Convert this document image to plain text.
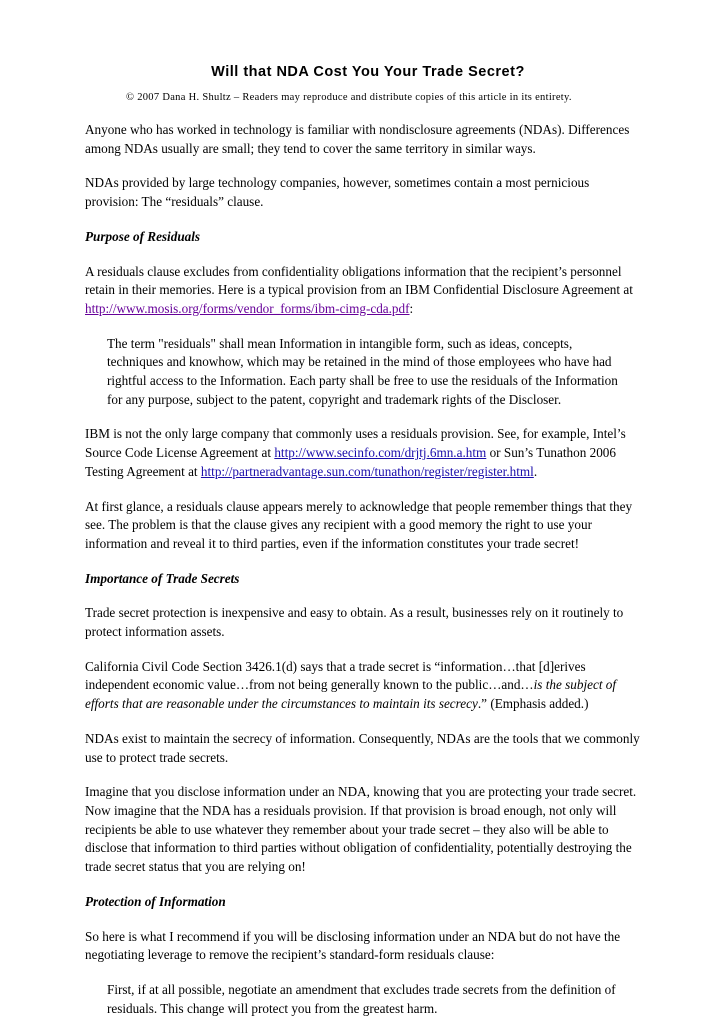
Will that NDA Cost You Your Trade Secret?
© 2007 Dana H. Shultz – Readers may reproduce and distribute copies of this article in its entirety.

Anyone who has worked in technology is familiar with nondisclosure agreements (NDAs). Differences
among NDAs usually are small; they tend to cover the same territory in similar ways.

NDAs provided by large technology companies, however, sometimes contain a most pernicious
provision: The “residuals” clause.

Purpose of Residuals

A residuals clause excludes from confidentiality obligations information that the recipient’s personnel
retain in their memories. Here is a typical provision from an IBM Confidential Disclosure Agreement at
http://www.mosis.org/forms/vendor_forms/ibm-cimg-cda.pdf:

The term "residuals" shall mean Information in intangible form, such as ideas, concepts,
techniques and knowhow, which may be retained in the mind of those employees who have had
rightful access to the Information. Each party shall be free to use the residuals of the Information
for any purpose, subject to the patent, copyright and trademark rights of the Discloser.

IBM is not the only large company that commonly uses a residuals provision. See, for example, Intel’s
Source Code License Agreement at http://www.secinfo.com/drjtj.6mn.a.htm or Sun’s Tunathon 2006
Testing Agreement at http://partneradvantage.sun.com/tunathon/register/register.html.

At first glance, a residuals clause appears merely to acknowledge that people remember things that they
see. The problem is that the clause gives any recipient with a good memory the right to use your
information and reveal it to third parties, even if the information constitutes your trade secret!

Importance of Trade Secrets

Trade secret protection is inexpensive and easy to obtain. As a result, businesses rely on it routinely to
protect information assets.

California Civil Code Section 3426.1(d) says that a trade secret is “information…that [d]erives
independent economic value…from not being generally known to the public…and…is the subject of
efforts that are reasonable under the circumstances to maintain its secrecy.” (Emphasis added.)

NDAs exist to maintain the secrecy of information. Consequently, NDAs are the tools that we commonly
use to protect trade secrets.

Imagine that you disclose information under an NDA, knowing that you are protecting your trade secret.
Now imagine that the NDA has a residuals provision. If that provision is broad enough, not only will
recipients be able to use whatever they remember about your trade secret – they also will be able to
disclose that information to third parties without obligation of confidentiality, potentially destroying the
trade secret status that you are relying on!

Protection of Information

So here is what I recommend if you will be disclosing information under an NDA but do not have the
negotiating leverage to remove the recipient’s standard-form residuals clause:

First, if at all possible, negotiate an amendment that excludes trade secrets from the definition of
residuals. This change will protect you from the greatest harm.
